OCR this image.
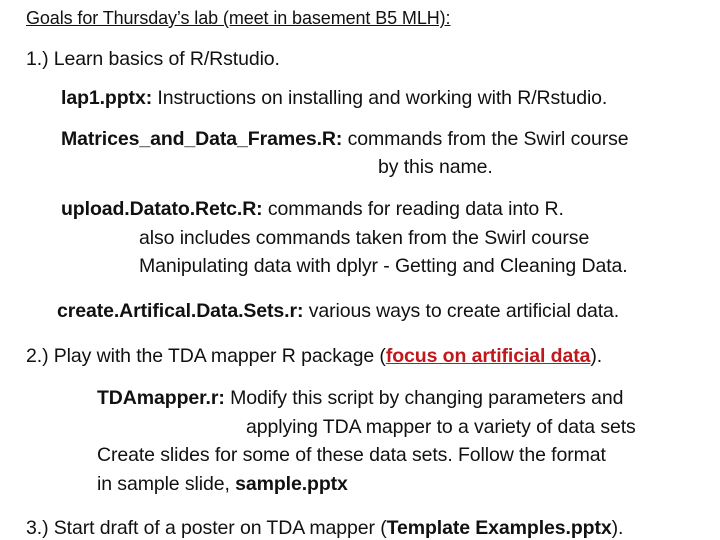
Goals for Thursday’s lab (meet in basement B5 MLH):
1.) Learn basics of R/Rstudio.
lap1.pptx: Instructions on installing and working with R/Rstudio.
Matrices_and_Data_Frames.R: commands from the Swirl course
by this name.
upload.Datato.Retc.R: commands for reading data into R.
also includes commands taken from the Swirl course
Manipulating data with dplyr - Getting and Cleaning Data.
create.Artifical.Data.Sets.r: various ways to create artificial data.
2.) Play with the TDA mapper R package (focus on artificial data).
TDAmapper.r: Modify this script by changing parameters and
applying TDA mapper to a variety of data sets
Create slides for some of these data sets. Follow the format
in sample slide, sample.pptx
3.) Start draft of a poster on TDA mapper (Template Examples.pptx).
